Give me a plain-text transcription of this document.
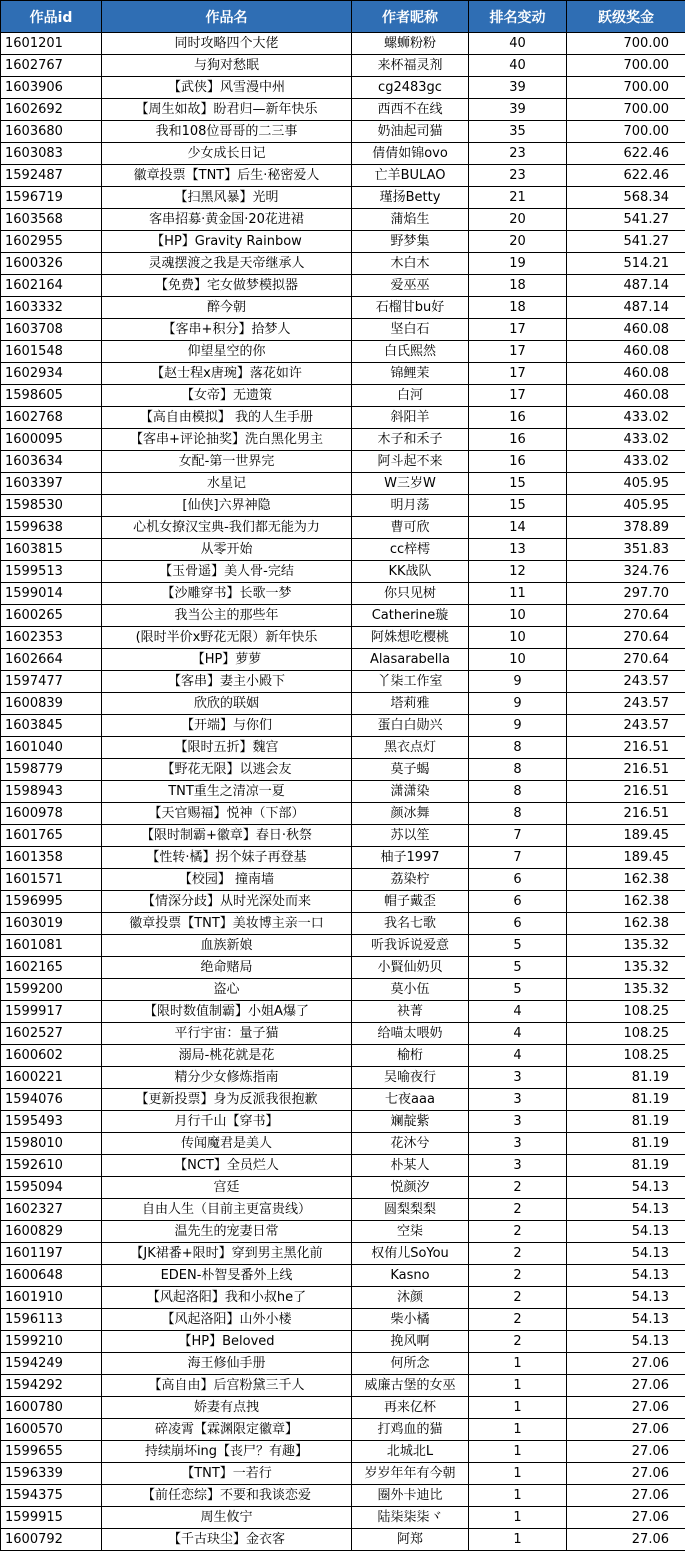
作品id	作品名	作者昵称	排名变动	跃级奖金
1601201	同时攻略四个大佬	螺蛳粉粉	40	700.00
1602767	与狗对愁眠	来杯福灵剂	40	700.00
1603906	【武侠】风雪漫中州	cg2483gc	39	700.00
1602692	【周生如故】盼君归—新年快乐	西西不在线	39	700.00
1603680	我和108位哥哥的二三事	奶油起司猫	35	700.00
1603083	少女成长日记	倩倩如锦ovo	23	622.46
1592487	徽章投票【TNT】后生·秘密爱人	亡羊BULAO	23	622.46
1596719	【扫黑风暴】光明	瑾扬Betty	21	568.34
1603568	客串招募·黄金国·20花进裙	蒲焰生	20	541.27
1602955	【HP】Gravity Rainbow	野梦集	20	541.27
1600326	灵魂摆渡之我是天帝继承人	木白木	19	514.21
1602164	【免费】宅女做梦模拟器	爱巫巫	18	487.14
1603332	醉今朝	石榴甘bu好	18	487.14
1603708	【客串+积分】拾梦人	坚白石	17	460.08
1601548	仰望星空的你	白氏熙然	17	460.08
1602934	【赵士程x唐琬】落花如许	锦鲤茉	17	460.08
1598605	【女帝】无遗策	白河	17	460.08
1602768	【高自由模拟】 我的人生手册	斜阳羊	16	433.02
1600095	【客串+评论抽奖】洗白黑化男主	木子和禾子	16	433.02
1603634	女配-第一世界完	阿斗起不来	16	433.02
1603397	水星记	W三岁W	15	405.95
1598530	[仙侠]六界神隐	明月荡	15	405.95
1599638	心机女撩汉宝典-我们都无能为力	曹可欣	14	378.89
1603815	从零开始	cc梓樗	13	351.83
1599513	【玉骨遥】美人骨-完结	KK战队	12	324.76
1599014	【沙雕穿书】长歌一梦	你只见树	11	297.70
1600265	我当公主的那些年	Catherine璇	10	270.64
1602353	(限时半价x野花无限）新年快乐	阿姝想吃樱桃	10	270.64
1602664	【HP】萝萝	Alasarabella	10	270.64
1597477	【客串】妻主小殿下	丫柒工作室	9	243.57
1600839	欣欣的联姻	塔莉雅	9	243.57
1603845	【开端】与你们	蛋白白勋兴	9	243.57
1601040	【限时五折】魏宫	黑衣点灯	8	216.51
1598779	【野花无限】以逃会友	莫子蝎	8	216.51
1598943	TNT重生之清凉一夏	潇潇染	8	216.51
1600978	【天官赐福】悦神（下部）	颜冰舞	8	216.51
1601765	【限时制霸+徽章】春日·秋祭	苏以笙	7	189.45
1601358	【性转·橘】拐个妹子再登基	柚子1997	7	189.45
1601571	【校园】 撞南墙	荔染柠	6	162.38
1596995	【情深分歧】从时光深处而来	帽子戴歪	6	162.38
1603019	徽章投票【TNT】美妆博主亲一口	我名七歌	6	162.38
1601081	血族新娘	听我诉说爱意	5	135.32
1602165	绝命赌局	小賢仙奶贝	5	135.32
1599200	盗心	莫小伍	5	135.32
1599917	【限时数值制霸】小姐A爆了	袂菁	4	108.25
1602527	平行宇宙：量子猫	给喵太喂奶	4	108.25
1600602	溺局-桃花就是花	榆桁	4	108.25
1600221	精分少女修炼指南	吴喻夜行	3	81.19
1594076	【更新投票】身为反派我很抱歉	七夜aaa	3	81.19
1595493	月行千山【穿书】	斓靛紫	3	81.19
1598010	传闻魔君是美人	花沐兮	3	81.19
1592610	【NCT】全员烂人	朴某人	3	81.19
1595094	宫廷	悦颜汐	2	54.13
1602327	自由人生（目前主更富贵线）	圆梨梨梨	2	54.13
1600829	温先生的宠妻日常	空柒	2	54.13
1601197	【JK裙番+限时】穿到男主黑化前	权侑儿SoYou	2	54.13
1600648	EDEN-朴智旻番外上线	Kasno	2	54.13
1601910	【风起洛阳】我和小叔he了	沐颜	2	54.13
1596113	【风起洛阳】山外小楼	柴小橘	2	54.13
1599210	【HP】Beloved	挽风啊	2	54.13
1594249	海王修仙手册	何所念	1	27.06
1594292	【高自由】后宫粉黛三千人	威廉古堡的女巫	1	27.06
1600780	娇妻有点拽	再来亿杯	1	27.06
1600570	碎凌霄【霖渊限定徽章】	打鸡血的猫	1	27.06
1599655	持续崩坏ing【丧尸？有趣】	北城北L	1	27.06
1596339	【TNT】一若行	岁岁年年有今朝	1	27.06
1594375	【前任恋综】不要和我谈恋爱	圈外卡迪比	1	27.06
1599915	周生攸宁	陆柒柒柒ヾ	1	27.06
1600792	【千古玦尘】金衣客	阿郑	1	27.06
